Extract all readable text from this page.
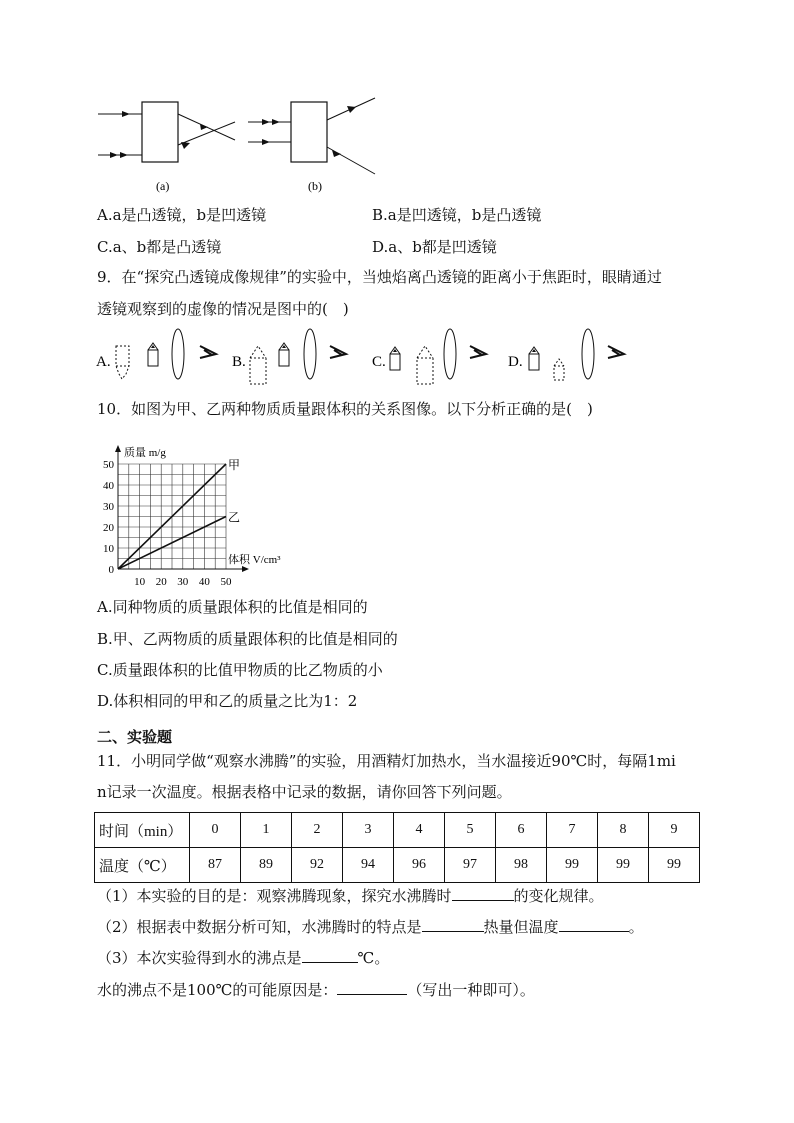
(a)	(b)
A.a是凸透镜，b是凹透镜	B.a是凹透镜，b是凸透镜
C.a、b都是凸透镜	D.a、b都是凹透镜
9．在“探究凸透镜成像规律”的实验中，当烛焰离凸透镜的距离小于焦距时，眼睛通过
透镜观察到的虚像的情况是图中的(　)
A.	B.	C.	D.
10．如图为甲、乙两种物质质量跟体积的关系图像。以下分析正确的是(　)
甲
乙
0
10
20
30
40
50
10 20 30 40 50
质量 m/g
体积 V/cm³
A.同种物质的质量跟体积的比值是相同的
B.甲、乙两物质的质量跟体积的比值是相同的
C.质量跟体积的比值甲物质的比乙物质的小
D.体积相同的甲和乙的质量之比为1：2
二、实验题
11．小明同学做“观察水沸腾”的实验，用酒精灯加热水，当水温接近90℃时，每隔1mi
n记录一次温度。根据表格中记录的数据，请你回答下列问题。
时间（min）	0	1	2	3	4	5	6	7	8	9
温度（℃）	87	89	92	94	96	97	98	99	99	99
（1）本实验的目的是：观察沸腾现象，探究水沸腾时	的变化规律。
（2）根据表中数据分析可知，水沸腾时的特点是	热量但温度	。
（3）本次实验得到水的沸点是	℃。
水的沸点不是100℃的可能原因是：	（写出一种即可）。
